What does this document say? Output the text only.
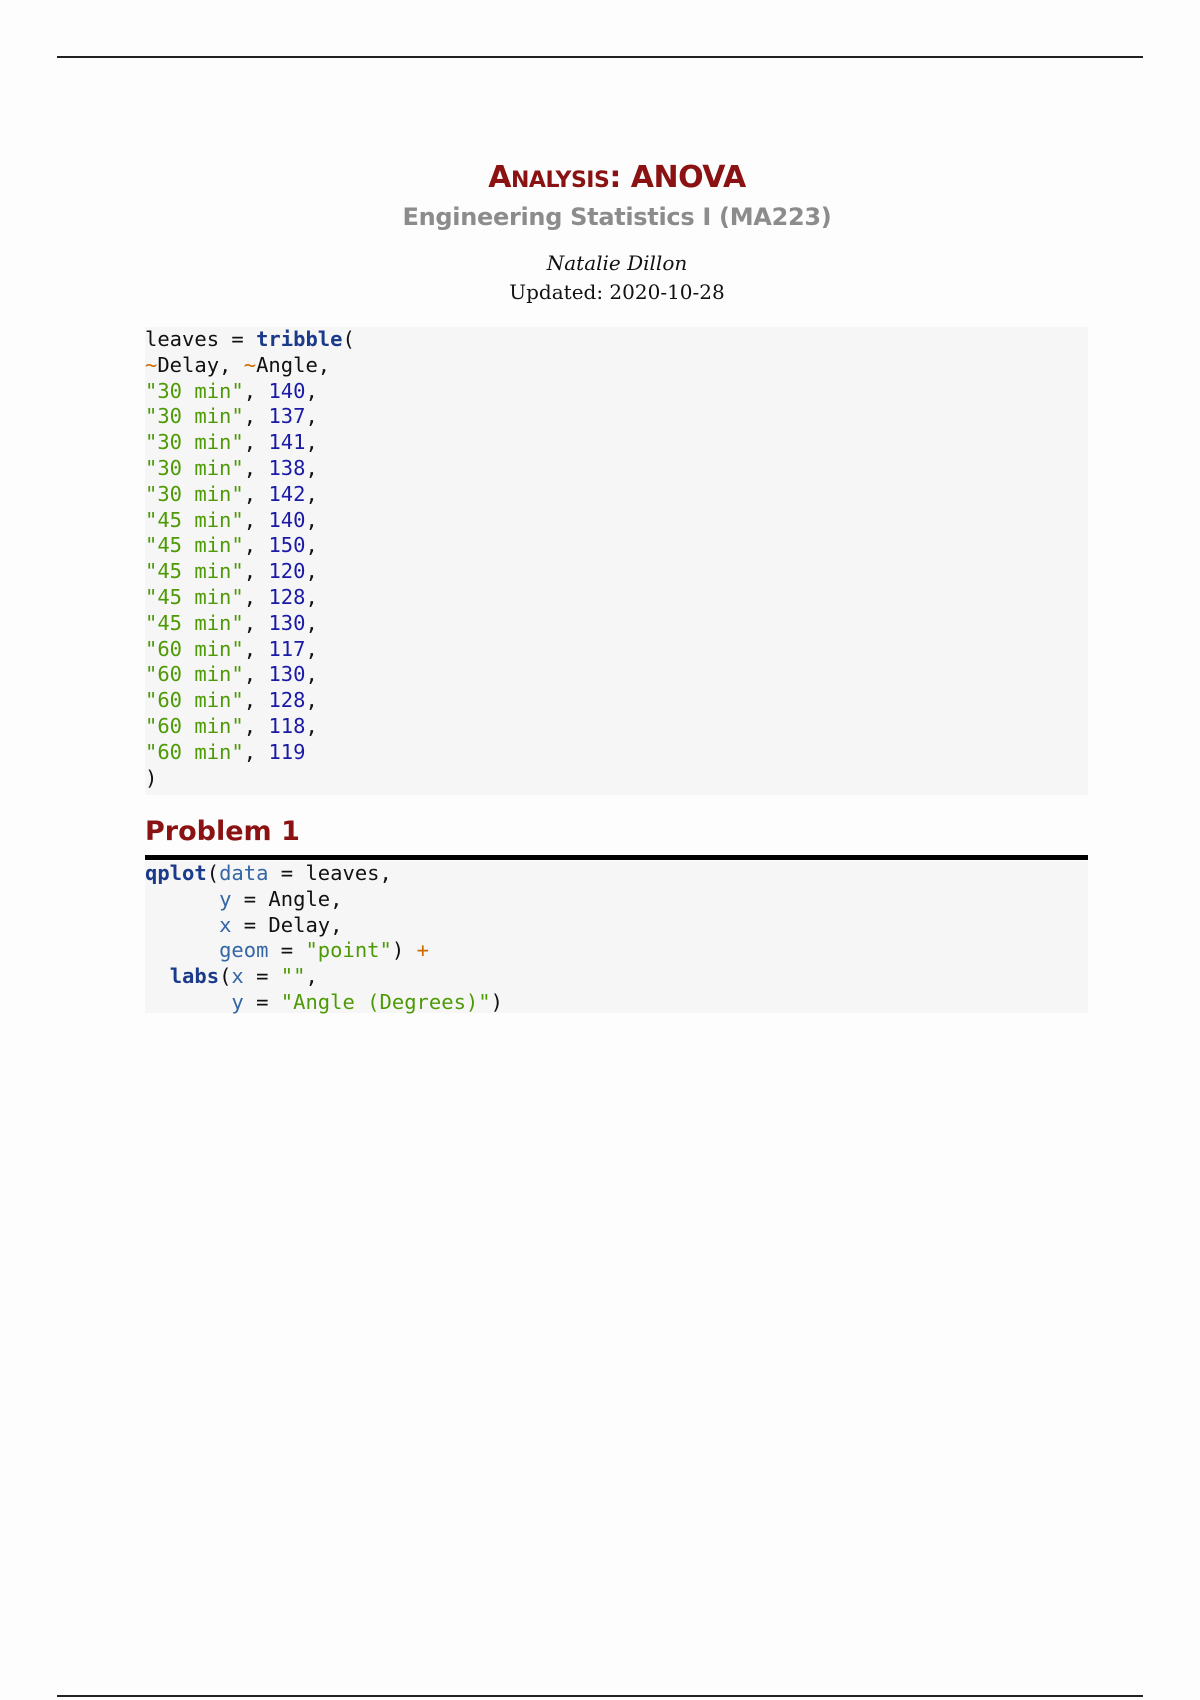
ANALYSIS: ANOVA
Engineering Statistics I (MA223)
Natalie Dillon
Updated: 2020-10-28
leaves = tribble(
~Delay, ~Angle,
"30 min", 140,
"30 min", 137,
"30 min", 141,
"30 min", 138,
"30 min", 142,
"45 min", 140,
"45 min", 150,
"45 min", 120,
"45 min", 128,
"45 min", 130,
"60 min", 117,
"60 min", 130,
"60 min", 128,
"60 min", 118,
"60 min", 119
)
Problem 1
qplot(data = leaves,
y = Angle,
x = Delay,
geom = "point") +
labs(x = "",
y = "Angle (Degrees)")
